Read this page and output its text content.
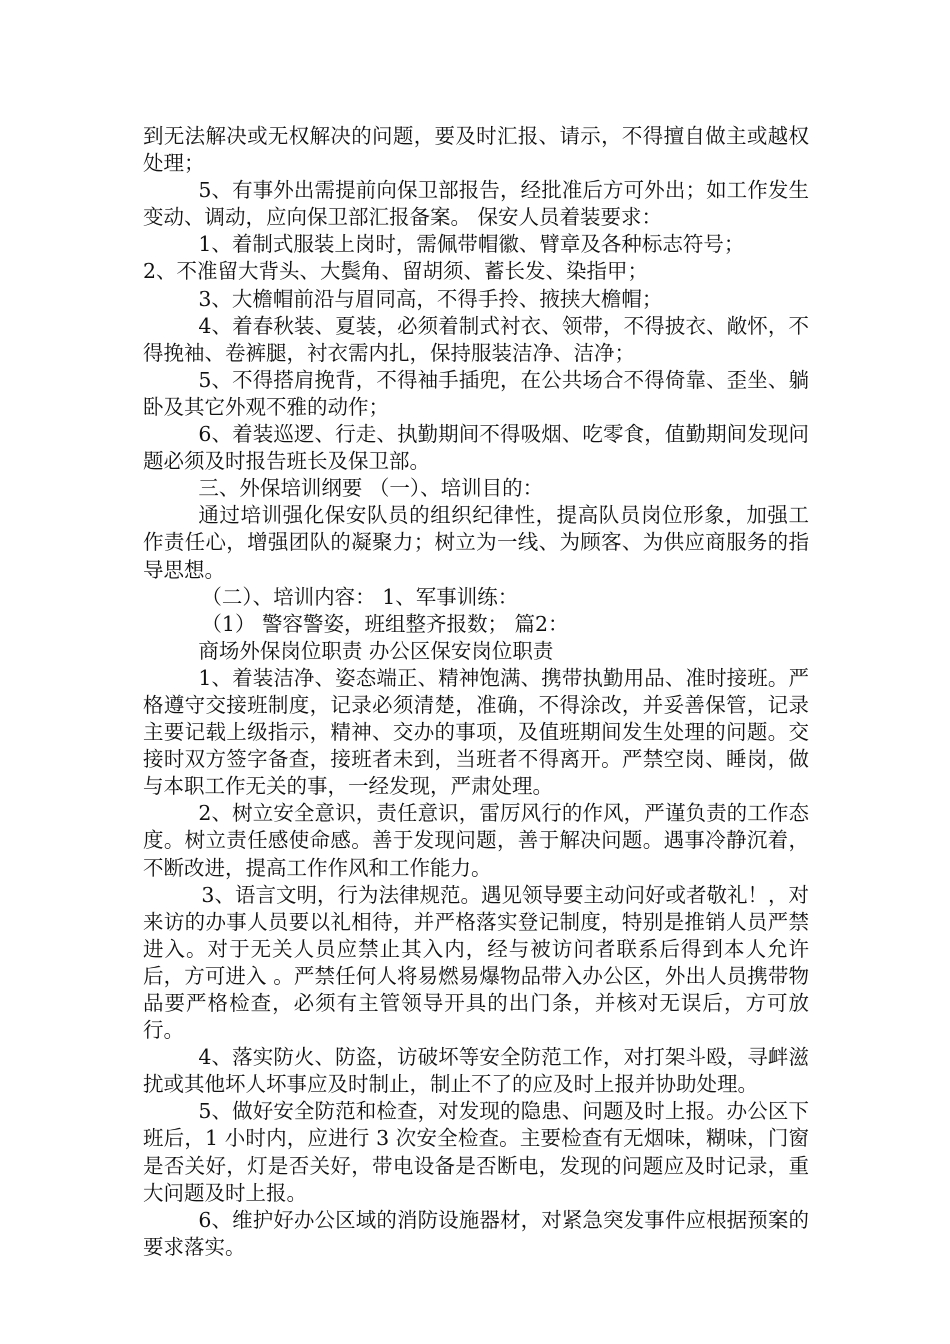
到无法解决或无权解决的问题，要及时汇报、请示，不得擅自做主或越权处理；

5、有事外出需提前向保卫部报告，经批准后方可外出；如工作发生变动、调动，应向保卫部汇报备案。 保安人员着装要求：

1、着制式服装上岗时，需佩带帽徽、臂章及各种标志符号；

2、不准留大背头、大鬓角、留胡须、蓄长发、染指甲；

3、大檐帽前沿与眉同高，不得手拎、掖挟大檐帽；

4、着春秋装、夏装，必须着制式衬衣、领带，不得披衣、敞怀，不得挽袖、卷裤腿，衬衣需内扎，保持服装洁净、洁净；

5、不得搭肩挽背，不得袖手插兜，在公共场合不得倚靠、歪坐、躺卧及其它外观不雅的动作；

6、着装巡逻、行走、执勤期间不得吸烟、吃零食，值勤期间发现问题必须及时报告班长及保卫部。

三、外保培训纲要 （一）、培训目的：

通过培训强化保安队员的组织纪律性，提高队员岗位形象，加强工作责任心，增强团队的凝聚力；树立为一线、为顾客、为供应商服务的指导思想。

（二）、培训内容： 1、军事训练：

（1） 警容警姿，班组整齐报数； 篇2：

商场外保岗位职责 办公区保安岗位职责

1、着装洁净、姿态端正、精神饱满、携带执勤用品、准时接班。严格遵守交接班制度，记录必须清楚，准确，不得涂改，并妥善保管，记录主要记载上级指示，精神、交办的事项，及值班期间发生处理的问题。交接时双方签字备查，接班者未到，当班者不得离开。严禁空岗、睡岗，做与本职工作无关的事，一经发现，严肃处理。

2、树立安全意识，责任意识，雷厉风行的作风，严谨负责的工作态度。树立责任感使命感。善于发现问题，善于解决问题。遇事冷静沉着，不断改进，提高工作作风和工作能力。

3、语言文明，行为法律规范。遇见领导要主动问好或者敬礼！，对来访的办事人员要以礼相待，并严格落实登记制度，特别是推销人员严禁进入。对于无关人员应禁止其入内，经与被访问者联系后得到本人允许后，方可进入 。严禁任何人将易燃易爆物品带入办公区，外出人员携带物品要严格检查，必须有主管领导开具的出门条，并核对无误后，方可放行。

4、落实防火、防盗，访破坏等安全防范工作，对打架斗殴，寻衅滋扰或其他坏人坏事应及时制止，制止不了的应及时上报并协助处理。

5、做好安全防范和检查，对发现的隐患、问题及时上报。办公区下班后，1 小时内，应进行 3 次安全检查。主要检查有无烟味，糊味，门窗是否关好，灯是否关好，带电设备是否断电，发现的问题应及时记录，重大问题及时上报。

6、维护好办公区域的消防设施器材，对紧急突发事件应根据预案的要求落实。
